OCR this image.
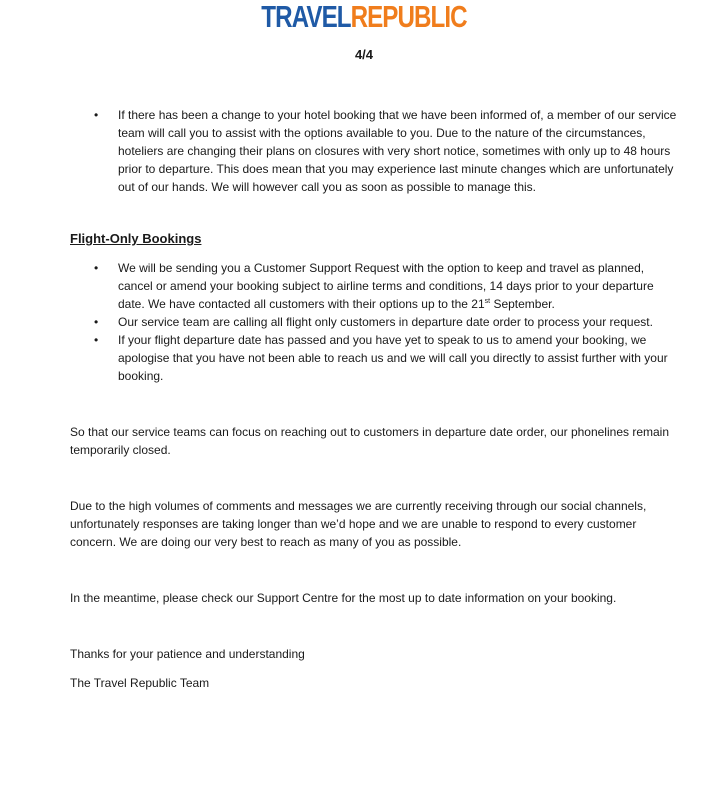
TRAVELREPUBLIC
4/4
• If there has been a change to your hotel booking that we have been informed of, a member of our service team will call you to assist with the options available to you. Due to the nature of the circumstances, hoteliers are changing their plans on closures with very short notice, sometimes with only up to 48 hours prior to departure. This does mean that you may experience last minute changes which are unfortunately out of our hands. We will however call you as soon as possible to manage this.

Flight-Only Bookings

• We will be sending you a Customer Support Request with the option to keep and travel as planned, cancel or amend your booking subject to airline terms and conditions, 14 days prior to your departure date. We have contacted all customers with their options up to the 21st September.
• Our service team are calling all flight only customers in departure date order to process your request.
• If your flight departure date has passed and you have yet to speak to us to amend your booking, we apologise that you have not been able to reach us and we will call you directly to assist further with your booking.

So that our service teams can focus on reaching out to customers in departure date order, our phonelines remain temporarily closed.

Due to the high volumes of comments and messages we are currently receiving through our social channels, unfortunately responses are taking longer than we’d hope and we are unable to respond to every customer concern. We are doing our very best to reach as many of you as possible.

In the meantime, please check our Support Centre for the most up to date information on your booking.

Thanks for your patience and understanding

The Travel Republic Team
